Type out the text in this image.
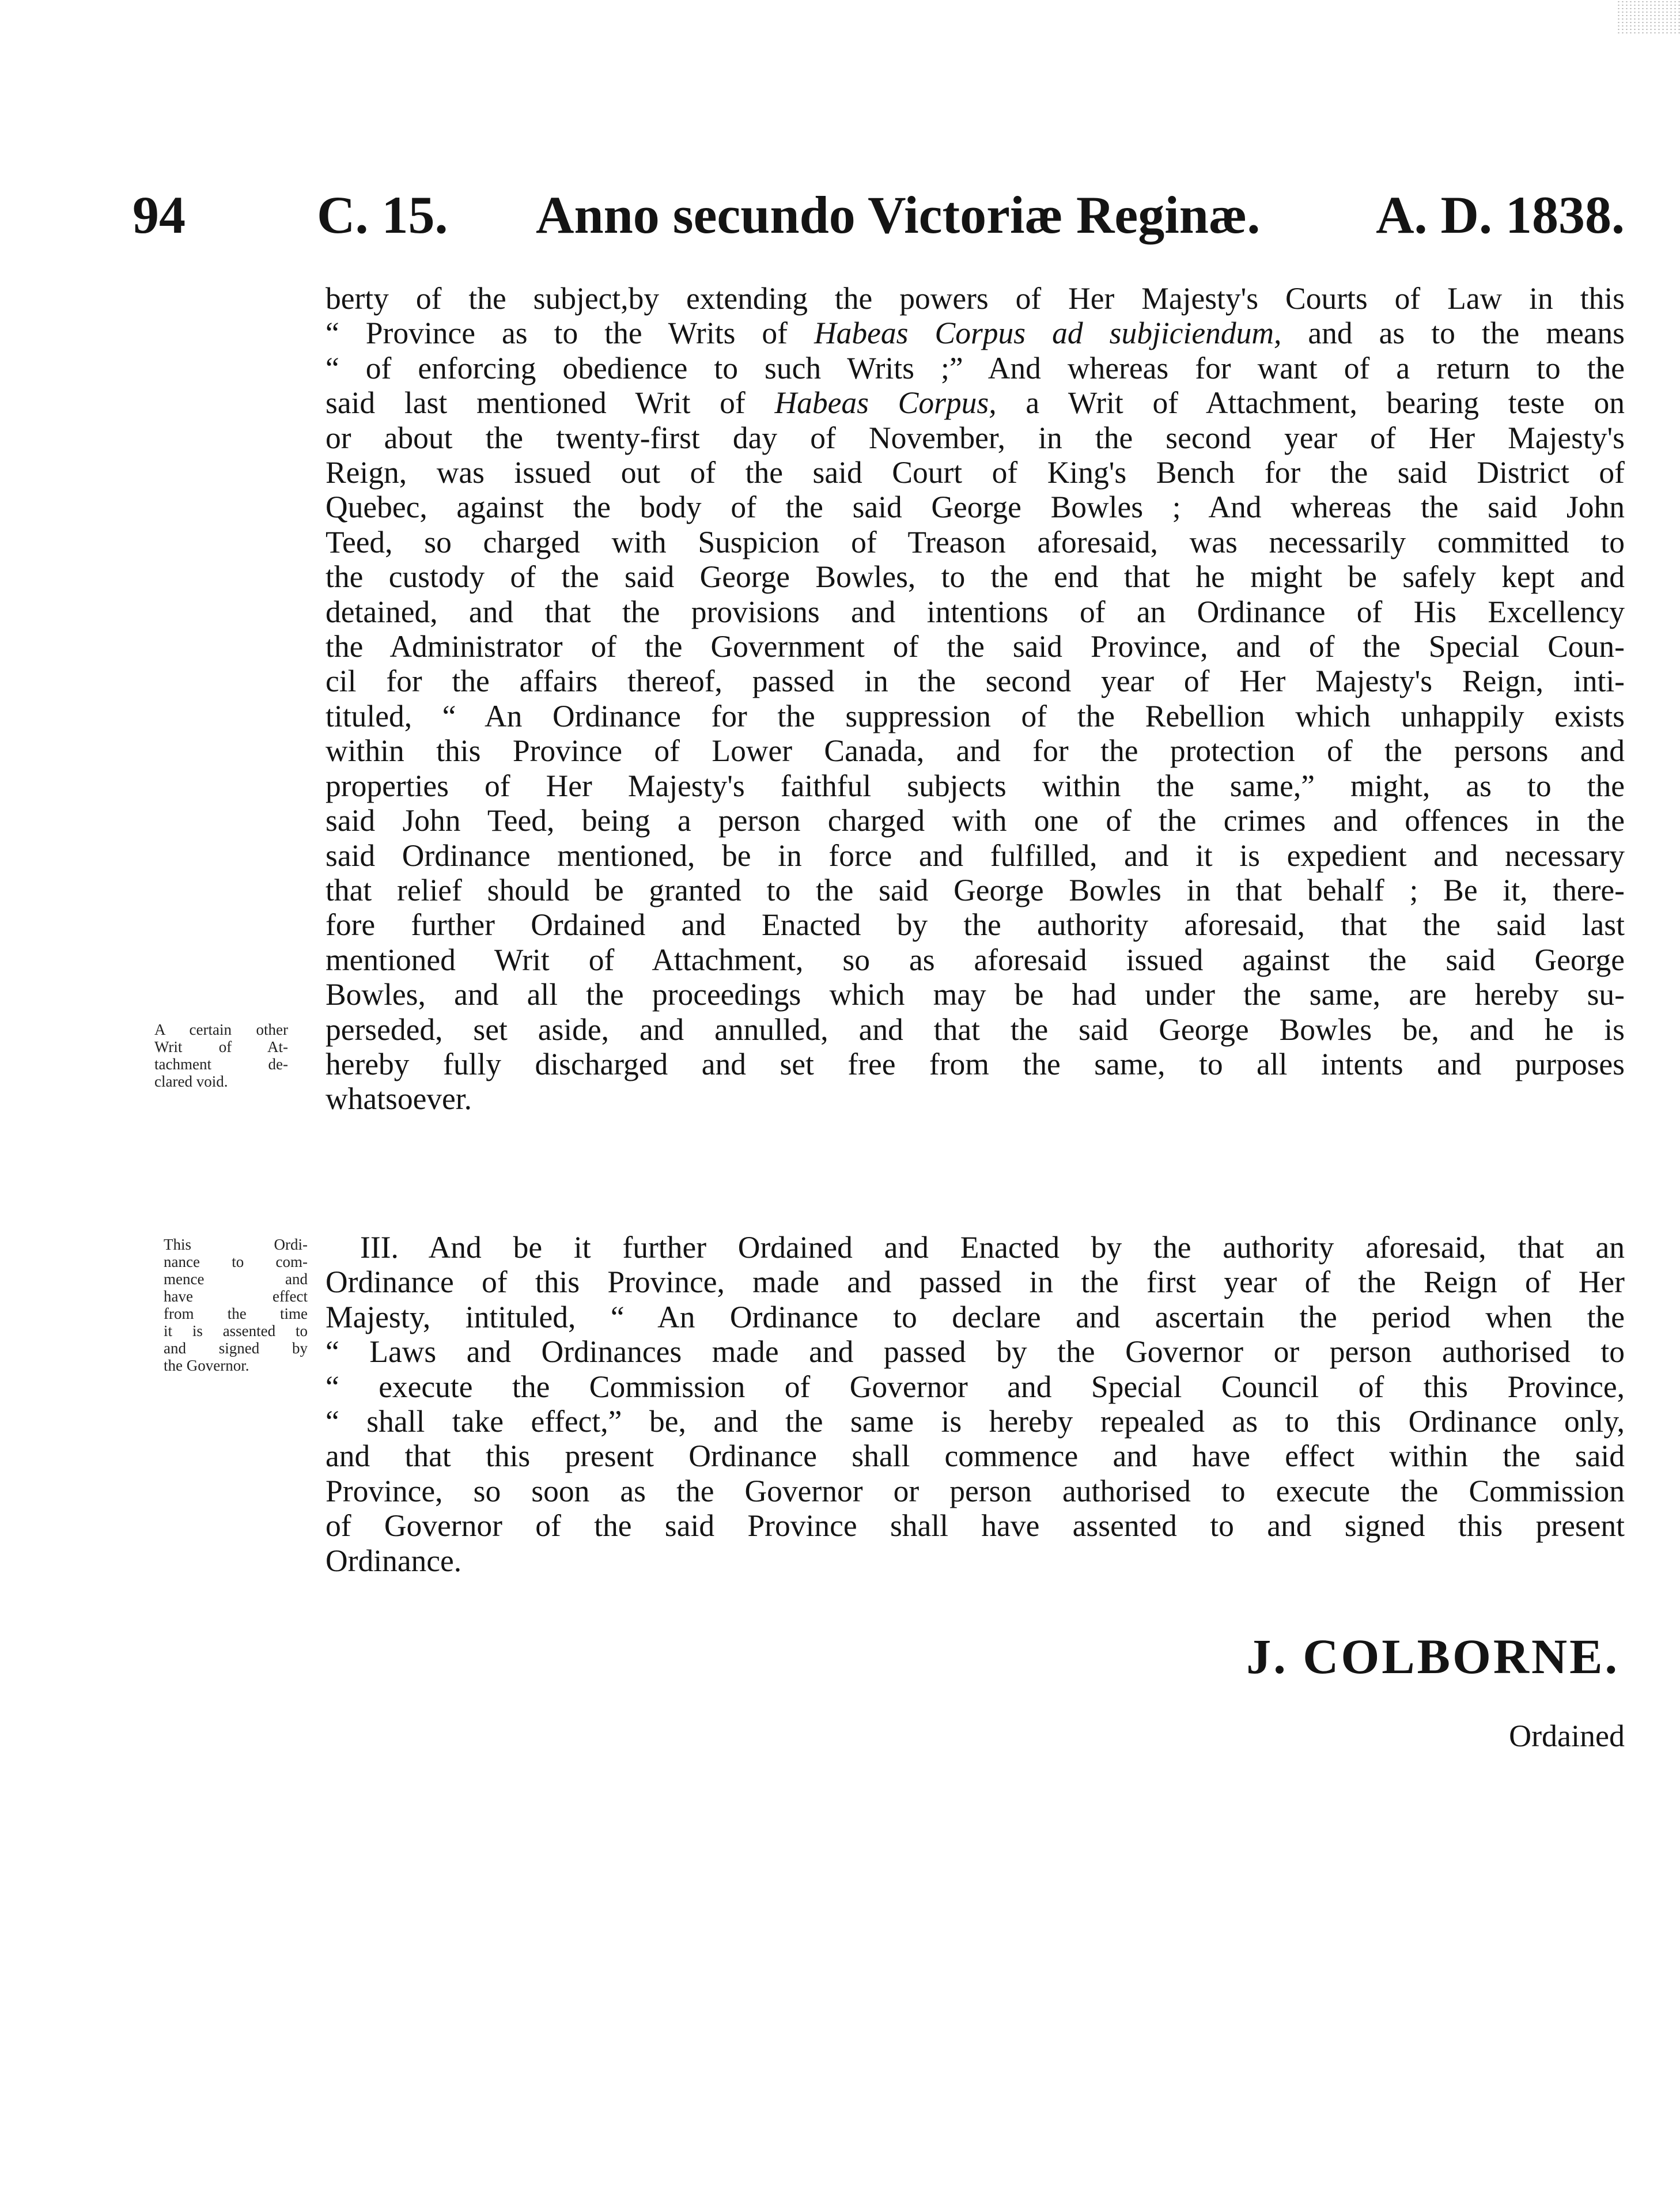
94 C. 15. Anno secundo Victoriæ Reginæ. A. D. 1838.
berty of the subject,by extending the powers of Her Majesty's Courts of Law in this
“ Province as to the Writs of Habeas Corpus ad subjiciendum, and as to the means
“ of enforcing obedience to such Writs ;” And whereas for want of a return to the
said last mentioned Writ of Habeas Corpus, a Writ of Attachment, bearing teste on
or about the twenty-first day of November, in the second year of Her Majesty's
Reign, was issued out of the said Court of King's Bench for the said District of
Quebec, against the body of the said George Bowles ; And whereas the said John
Teed, so charged with Suspicion of Treason aforesaid, was necessarily committed to
the custody of the said George Bowles, to the end that he might be safely kept and
detained, and that the provisions and intentions of an Ordinance of His Excellency
the Administrator of the Government of the said Province, and of the Special Coun-
cil for the affairs thereof, passed in the second year of Her Majesty's Reign, inti-
tituled, “ An Ordinance for the suppression of the Rebellion which unhappily exists
within this Province of Lower Canada, and for the protection of the persons and
properties of Her Majesty's faithful subjects within the same,” might, as to the
said John Teed, being a person charged with one of the crimes and offences in the
said Ordinance mentioned, be in force and fulfilled, and it is expedient and necessary
that relief should be granted to the said George Bowles in that behalf ; Be it, there-
fore further Ordained and Enacted by the authority aforesaid, that the said last
mentioned Writ of Attachment, so as aforesaid issued against the said George
Bowles, and all the proceedings which may be had under the same, are hereby su-
perseded, set aside, and annulled, and that the said George Bowles be, and he is
hereby fully discharged and set free from the same, to all intents and purposes
whatsoever.
A certain other
Writ of At-
tachment de-
clared void.
III. And be it further Ordained and Enacted by the authority aforesaid, that an
Ordinance of this Province, made and passed in the first year of the Reign of Her
Majesty, intituled, “ An Ordinance to declare and ascertain the period when the
“ Laws and Ordinances made and passed by the Governor or person authorised to
“ execute the Commission of Governor and Special Council of this Province,
“ shall take effect,” be, and the same is hereby repealed as to this Ordinance only,
and that this present Ordinance shall commence and have effect within the said
Province, so soon as the Governor or person authorised to execute the Commission
of Governor of the said Province shall have assented to and signed this present
Ordinance.
This Ordi-
nance to com-
mence and
have effect
from the time
it is assented to
and signed by
the Governor.
J. COLBORNE.
Ordained
